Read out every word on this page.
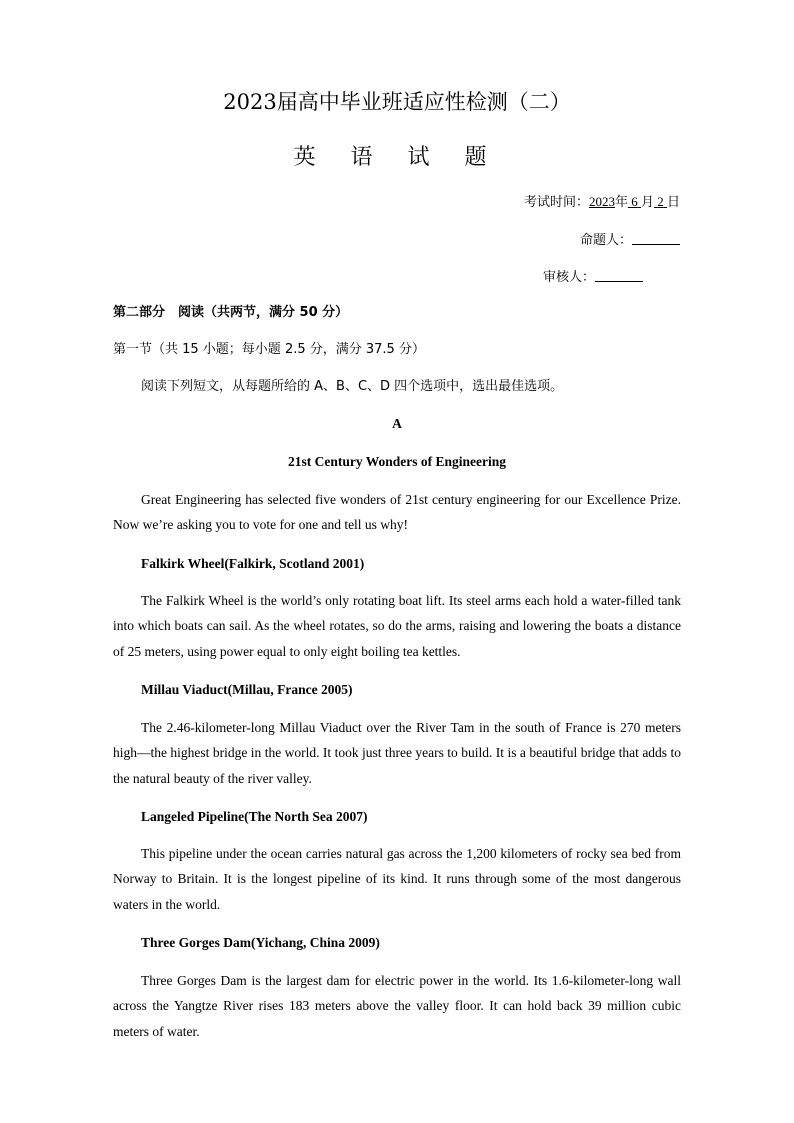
2023届高中毕业班适应性检测（二）
英 语 试 题
考试时间：2023年 6 月 2 日
命题人：
审核人：
第二部分　阅读（共两节，满分 50 分）
第一节（共 15 小题；每小题 2.5 分，满分 37.5 分）
阅读下列短文，从每题所给的 A、B、C、D 四个选项中，选出最佳选项。
A
21st Century Wonders of Engineering
Great Engineering has selected five wonders of 21st century engineering for our Excellence Prize. Now we’re asking you to vote for one and tell us why!
Falkirk Wheel(Falkirk, Scotland 2001)
The Falkirk Wheel is the world’s only rotating boat lift. Its steel arms each hold a water-filled tank into which boats can sail. As the wheel rotates, so do the arms, raising and lowering the boats a distance of 25 meters, using power equal to only eight boiling tea kettles.
Millau Viaduct(Millau, France 2005)
The 2.46-kilometer-long Millau Viaduct over the River Tam in the south of France is 270 meters high—the highest bridge in the world. It took just three years to build. It is a beautiful bridge that adds to the natural beauty of the river valley.
Langeled Pipeline(The North Sea 2007)
This pipeline under the ocean carries natural gas across the 1,200 kilometers of rocky sea bed from Norway to Britain. It is the longest pipeline of its kind. It runs through some of the most dangerous waters in the world.
Three Gorges Dam(Yichang, China 2009)
Three Gorges Dam is the largest dam for electric power in the world. Its 1.6-kilometer-long wall across the Yangtze River rises 183 meters above the valley floor. It can hold back 39 million cubic meters of water.
